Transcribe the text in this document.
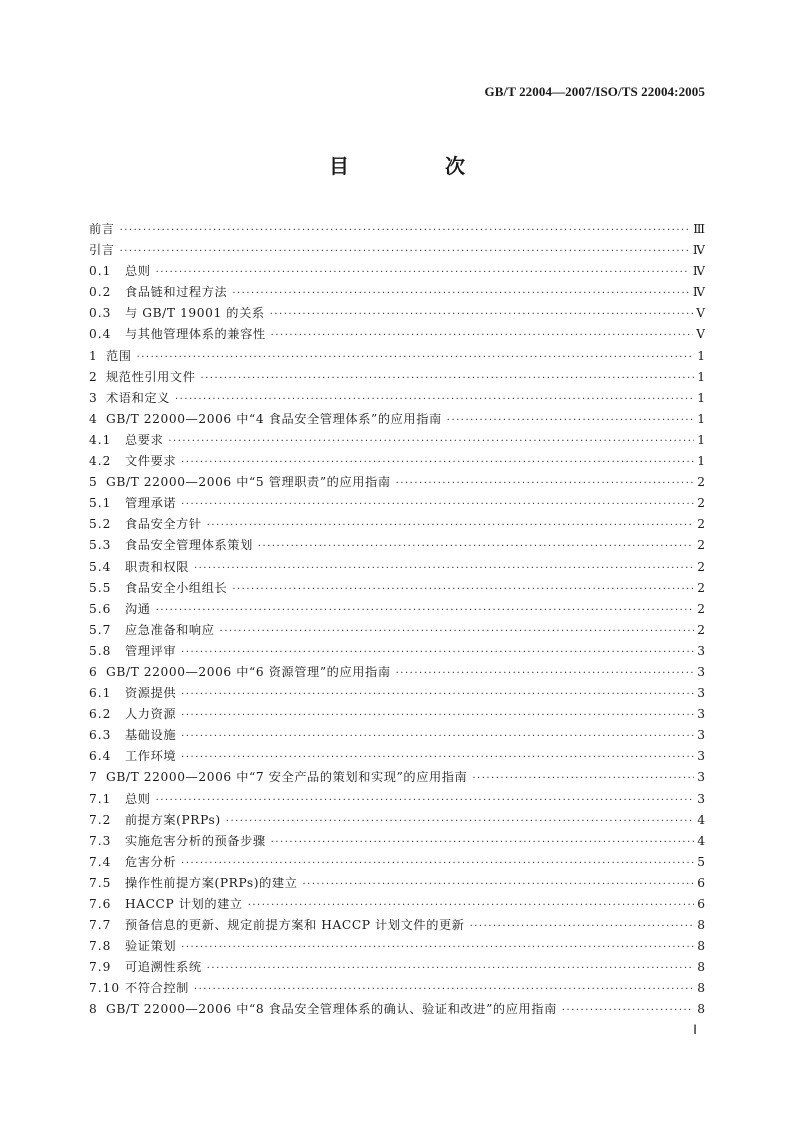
GB/T 22004—2007/ISO/TS 22004:2005
目　次
前言 ·····	Ⅲ
引言 ·····	Ⅳ
0.1	总则 ·····	Ⅳ
0.2	食品链和过程方法 ·····	Ⅳ
0.3	与 GB/T 19001 的关系 ·····	Ⅴ
0.4	与其他管理体系的兼容性 ·····	Ⅴ
1 范围 ·····	1
2 规范性引用文件 ·····	1
3 术语和定义 ·····	1
4 GB/T 22000—2006 中“4 食品安全管理体系”的应用指南 ·····	1
4.1	总要求 ·····	1
4.2	文件要求 ·····	1
5 GB/T 22000—2006 中“5 管理职责”的应用指南 ·····	2
5.1	管理承诺 ·····	2
5.2	食品安全方针 ·····	2
5.3	食品安全管理体系策划 ·····	2
5.4	职责和权限 ·····	2
5.5	食品安全小组组长 ·····	2
5.6	沟通 ·····	2
5.7	应急准备和响应 ·····	2
5.8	管理评审 ·····	3
6 GB/T 22000—2006 中“6 资源管理”的应用指南 ·····	3
6.1	资源提供 ·····	3
6.2	人力资源 ·····	3
6.3	基础设施 ·····	3
6.4	工作环境 ·····	3
7 GB/T 22000—2006 中“7 安全产品的策划和实现”的应用指南 ·····	3
7.1	总则 ·····	3
7.2	前提方案(PRPs) ·····	4
7.3	实施危害分析的预备步骤 ·····	4
7.4	危害分析 ·····	5
7.5	操作性前提方案(PRPs)的建立 ·····	6
7.6	HACCP 计划的建立 ·····	6
7.7	预备信息的更新、规定前提方案和 HACCP 计划文件的更新 ·····	8
7.8	验证策划 ·····	8
7.9	可追溯性系统 ·····	8
7.10 不符合控制 ·····	8
8 GB/T 22000—2006 中“8 食品安全管理体系的确认、验证和改进”的应用指南 ·····	8
Ⅰ
